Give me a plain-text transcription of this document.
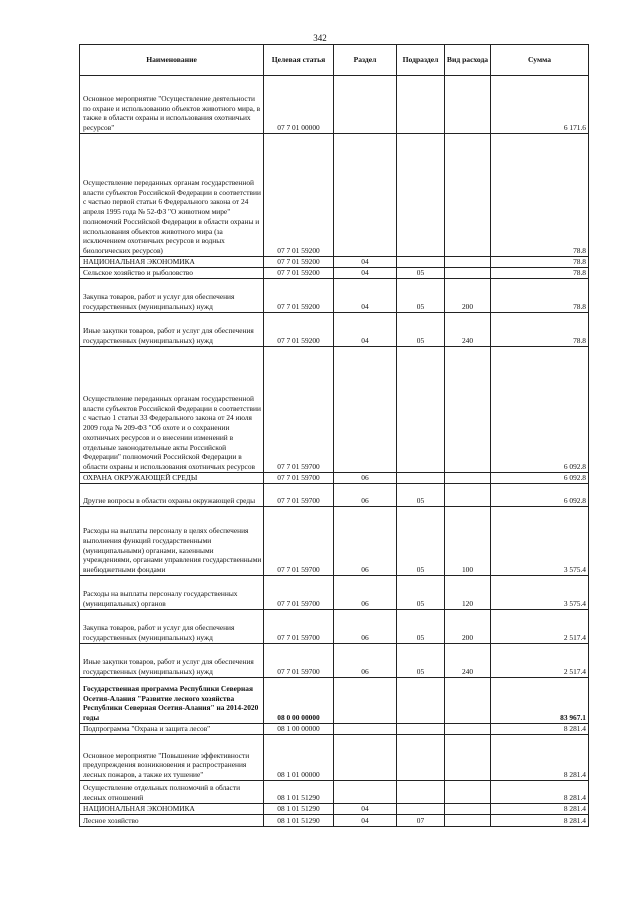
342
Наименование	Целевая статья	Раздел	Подраздел	Вид расхода	Сумма
Основное мероприятие "Осуществление деятельности по охране и использованию объектов животного мира, в также в области охраны и использования охотничьих ресурсов"	07 7 01 00000				6 171.6
Осуществление переданных органам государственной власти субъектов Российской Федерации в соответствии с частью первой статьи 6 Федерального закона от 24 апреля 1995 года № 52-ФЗ "О животном мире" полномочий Российской Федерации в области охраны и использования объектов животного мира (за исключением охотничьих ресурсов и водных биологических ресурсов)	07 7 01 59200				78.8
НАЦИОНАЛЬНАЯ ЭКОНОМИКА	07 7 01 59200	04			78.8
Сельское хозяйство и рыболовство	07 7 01 59200	04	05		78.8
Закупка товаров, работ и услуг для обеспечения государственных (муниципальных) нужд	07 7 01 59200	04	05	200	78.8
Иные закупки товаров, работ и услуг для обеспечения государственных (муниципальных) нужд	07 7 01 59200	04	05	240	78.8
Осуществление переданных органам государственной власти субъектов Российской Федерации в соответствии с частью 1 статьи 33 Федерального закона от 24 июля 2009 года № 209-ФЗ "Об охоте и о сохранении охотничьих ресурсов и о внесении изменений в отдельные законодательные акты Российской Федерации" полномочий Российской Федерации в области охраны и использования охотничьих ресурсов	07 7 01 59700				6 092.8
ОХРАНА ОКРУЖАЮЩЕЙ СРЕДЫ	07 7 01 59700	06			6 092.8
Другие вопросы в области охраны окружающей среды	07 7 01 59700	06	05		6 092.8
Расходы на выплаты персоналу в целях обеспечения выполнения функций государственными (муниципальными) органами, казенными учреждениями, органами управления государственными внебюджетными фондами	07 7 01 59700	06	05	100	3 575.4
Расходы на выплаты персоналу государственных (муниципальных) органов	07 7 01 59700	06	05	120	3 575.4
Закупка товаров, работ и услуг для обеспечения государственных (муниципальных) нужд	07 7 01 59700	06	05	200	2 517.4
Иные закупки товаров, работ и услуг для обеспечения государственных (муниципальных) нужд	07 7 01 59700	06	05	240	2 517.4
Государственная программа Республики Северная Осетия-Алания "Развитие лесного хозяйства Республики Северная Осетия-Алания" на 2014-2020 годы	08 0 00 00000				83 967.1
Подпрограмма "Охрана и защита лесов"	08 1 00 00000				8 281.4
Основное мероприятие "Повышение эффективности предупреждения возникновения и распространения лесных пожаров, а также их тушение"	08 1 01 00000				8 281.4
Осуществление отдельных полномочий в области лесных отношений	08 1 01 51290				8 281.4
НАЦИОНАЛЬНАЯ ЭКОНОМИКА	08 1 01 51290	04			8 281.4
Лесное хозяйство	08 1 01 51290	04	07		8 281.4
